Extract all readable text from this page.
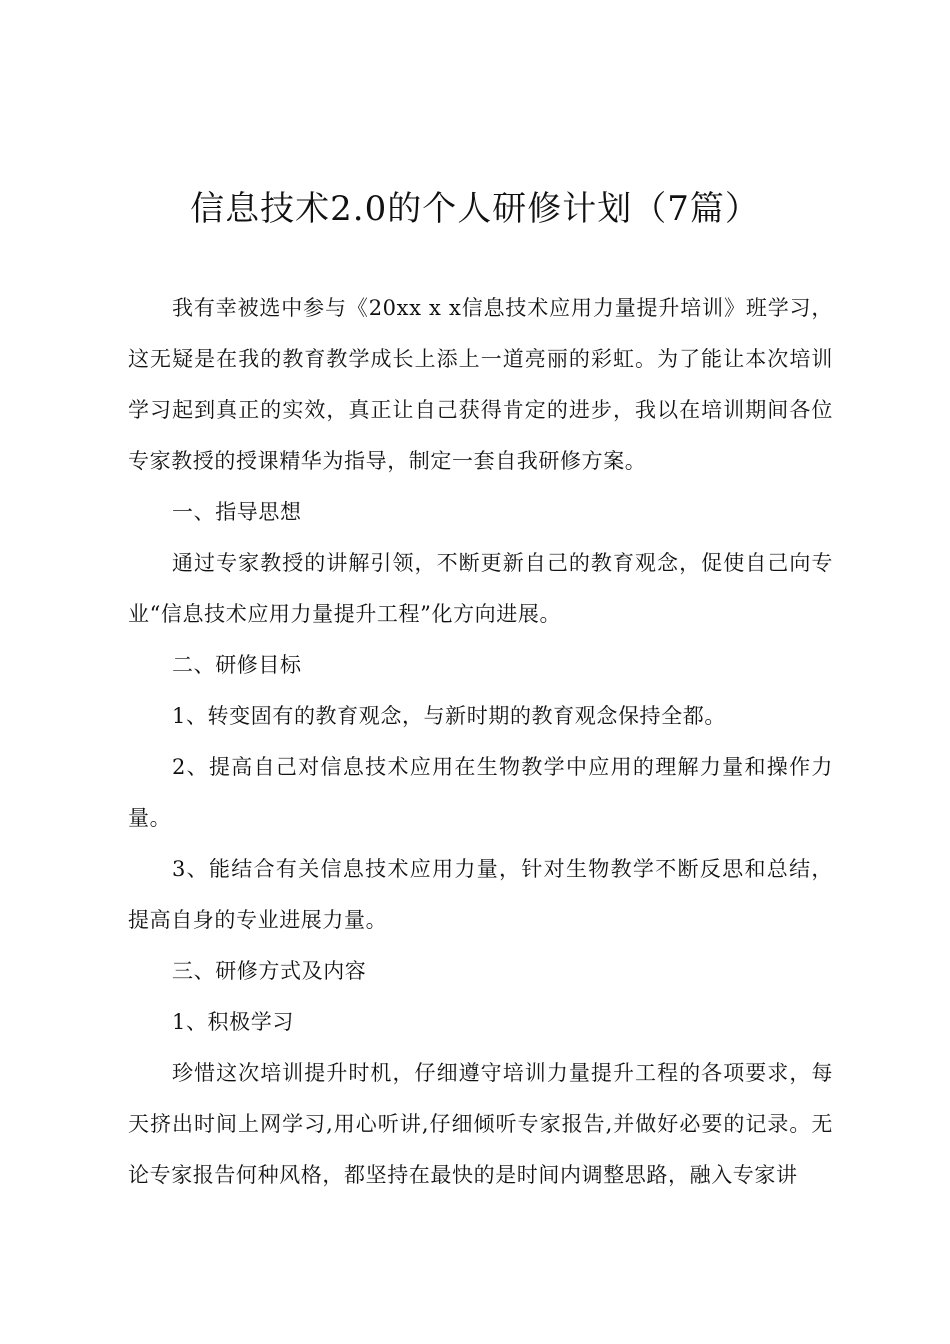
信息技术2.0的个人研修计划（7篇）

我有幸被选中参与《20xx x x信息技术应用力量提升培训》班学习，这无疑是在我的教育教学成长上添上一道亮丽的彩虹。为了能让本次培训学习起到真正的实效，真正让自己获得肯定的进步，我以在培训期间各位专家教授的授课精华为指导，制定一套自我研修方案。

一、指导思想

通过专家教授的讲解引领，不断更新自己的教育观念，促使自己向专业“信息技术应用力量提升工程”化方向进展。

二、研修目标

1、转变固有的教育观念，与新时期的教育观念保持全都。

2、提高自己对信息技术应用在生物教学中应用的理解力量和操作力量。

3、能结合有关信息技术应用力量，针对生物教学不断反思和总结，提高自身的专业进展力量。

三、研修方式及内容

1、积极学习

珍惜这次培训提升时机，仔细遵守培训力量提升工程的各项要求，每天挤出时间上网学习,用心听讲,仔细倾听专家报告,并做好必要的记录。无论专家报告何种风格，都坚持在最快的是时间内调整思路，融入专家讲
